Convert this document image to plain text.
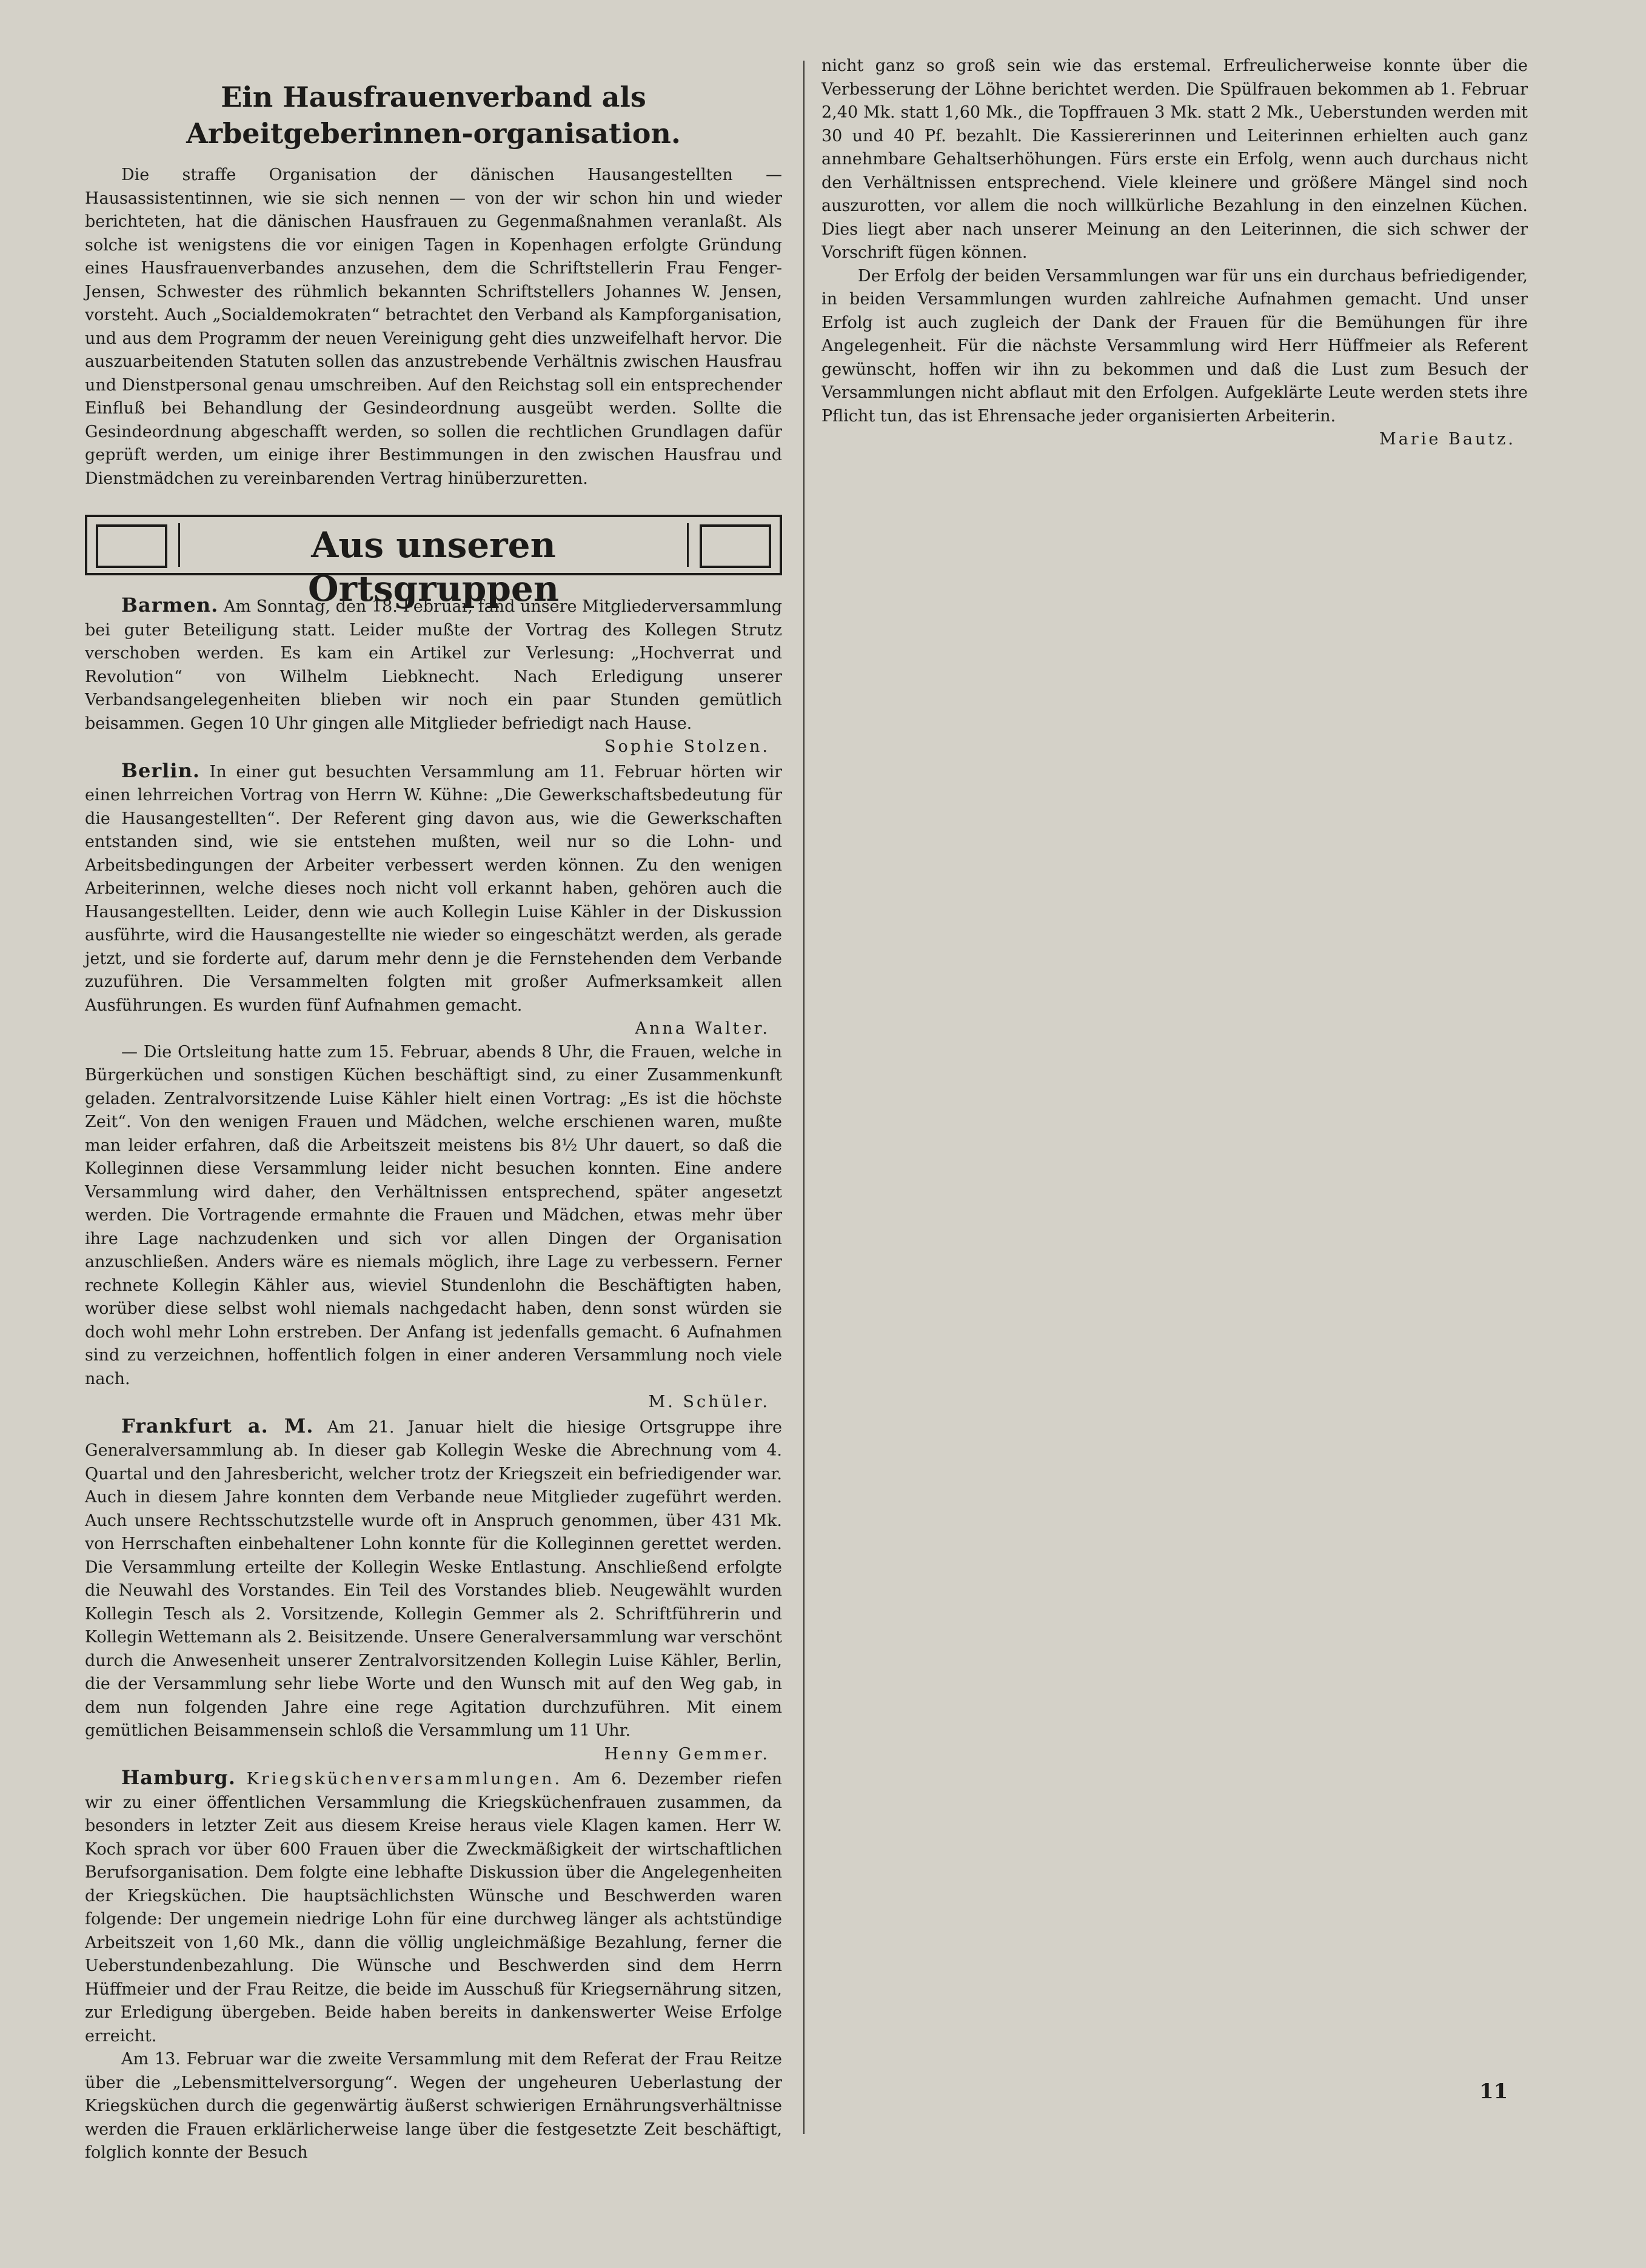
Ein Hausfrauenverband als Arbeitgeberinnen-organisation.

Die straffe Organisation der dänischen Hausangestellten — Hausassistentinnen, wie sie sich nennen — von der wir schon hin und wieder berichteten, hat die dänischen Hausfrauen zu Gegenmaßnahmen veranlaßt. Als solche ist wenigstens die vor einigen Tagen in Kopenhagen erfolgte Gründung eines Hausfrauenverbandes anzusehen, dem die Schriftstellerin Frau Fenger-Jensen, Schwester des rühmlich bekannten Schriftstellers Johannes W. Jensen, vorsteht. Auch „Socialdemokraten“ betrachtet den Verband als Kampforganisation, und aus dem Programm der neuen Vereinigung geht dies unzweifelhaft hervor. Die auszuarbeitenden Statuten sollen das anzustrebende Verhältnis zwischen Hausfrau und Dienstpersonal genau umschreiben. Auf den Reichstag soll ein entsprechender Einfluß bei Behandlung der Gesindeordnung ausgeübt werden. Sollte die Gesindeordnung abgeschafft werden, so sollen die rechtlichen Grundlagen dafür geprüft werden, um einige ihrer Bestimmungen in den zwischen Hausfrau und Dienstmädchen zu vereinbarenden Vertrag hinüberzuretten.

Aus unseren Ortsgruppen

Barmen. Am Sonntag, den 18. Februar, fand unsere Mitgliederversammlung bei guter Beteiligung statt. Leider mußte der Vortrag des Kollegen Strutz verschoben werden. Es kam ein Artikel zur Verlesung: „Hochverrat und Revolution“ von Wilhelm Liebknecht. Nach Erledigung unserer Verbandsangelegenheiten blieben wir noch ein paar Stunden gemütlich beisammen. Gegen 10 Uhr gingen alle Mitglieder befriedigt nach Hause.
Sophie Stolzen.

Berlin. In einer gut besuchten Versammlung am 11. Februar hörten wir einen lehrreichen Vortrag von Herrn W. Kühne: „Die Gewerkschaftsbedeutung für die Hausangestellten“. Der Referent ging davon aus, wie die Gewerkschaften entstanden sind, wie sie entstehen mußten, weil nur so die Lohn- und Arbeitsbedingungen der Arbeiter verbessert werden können. Zu den wenigen Arbeiterinnen, welche dieses noch nicht voll erkannt haben, gehören auch die Hausangestellten. Leider, denn wie auch Kollegin Luise Kähler in der Diskussion ausführte, wird die Hausangestellte nie wieder so eingeschätzt werden, als gerade jetzt, und sie forderte auf, darum mehr denn je die Fernstehenden dem Verbande zuzuführen. Die Versammelten folgten mit großer Aufmerksamkeit allen Ausführungen. Es wurden fünf Aufnahmen gemacht.
Anna Walter.

— Die Ortsleitung hatte zum 15. Februar, abends 8 Uhr, die Frauen, welche in Bürgerküchen und sonstigen Küchen beschäftigt sind, zu einer Zusammenkunft geladen. Zentralvorsitzende Luise Kähler hielt einen Vortrag: „Es ist die höchste Zeit“. Von den wenigen Frauen und Mädchen, welche erschienen waren, mußte man leider erfahren, daß die Arbeitszeit meistens bis 8½ Uhr dauert, so daß die Kolleginnen diese Versammlung leider nicht besuchen konnten. Eine andere Versammlung wird daher, den Verhältnissen entsprechend, später angesetzt werden. Die Vortragende ermahnte die Frauen und Mädchen, etwas mehr über ihre Lage nachzudenken und sich vor allen Dingen der Organisation anzuschließen. Anders wäre es niemals möglich, ihre Lage zu verbessern. Ferner rechnete Kollegin Kähler aus, wieviel Stundenlohn die Beschäftigten haben, worüber diese selbst wohl niemals nachgedacht haben, denn sonst würden sie doch wohl mehr Lohn erstreben. Der Anfang ist jedenfalls gemacht. 6 Aufnahmen sind zu verzeichnen, hoffentlich folgen in einer anderen Versammlung noch viele nach.
M. Schüler.

Frankfurt a. M. Am 21. Januar hielt die hiesige Ortsgruppe ihre Generalversammlung ab. In dieser gab Kollegin Weske die Abrechnung vom 4. Quartal und den Jahresbericht, welcher trotz der Kriegszeit ein befriedigender war. Auch in diesem Jahre konnten dem Verbande neue Mitglieder zugeführt werden. Auch unsere Rechtsschutzstelle wurde oft in Anspruch genommen, über 431 Mk. von Herrschaften einbehaltener Lohn konnte für die Kolleginnen gerettet werden. Die Versammlung erteilte der Kollegin Weske Entlastung. Anschließend erfolgte die Neuwahl des Vorstandes. Ein Teil des Vorstandes blieb. Neugewählt wurden Kollegin Tesch als 2. Vorsitzende, Kollegin Gemmer als 2. Schriftführerin und Kollegin Wettemann als 2. Beisitzende. Unsere Generalversammlung war verschönt durch die Anwesenheit unserer Zentralvorsitzenden Kollegin Luise Kähler, Berlin, die der Versammlung sehr liebe Worte und den Wunsch mit auf den Weg gab, in dem nun folgenden Jahre eine rege Agitation durchzuführen. Mit einem gemütlichen Beisammensein schloß die Versammlung um 11 Uhr.
Henny Gemmer.

Hamburg. Kriegsküchenversammlungen. Am 6. Dezember riefen wir zu einer öffentlichen Versammlung die Kriegsküchenfrauen zusammen, da besonders in letzter Zeit aus diesem Kreise heraus viele Klagen kamen. Herr W. Koch sprach vor über 600 Frauen über die Zweckmäßigkeit der wirtschaftlichen Berufsorganisation. Dem folgte eine lebhafte Diskussion über die Angelegenheiten der Kriegsküchen. Die hauptsächlichsten Wünsche und Beschwerden waren folgende: Der ungemein niedrige Lohn für eine durchweg länger als achtstündige Arbeitszeit von 1,60 Mk., dann die völlig ungleichmäßige Bezahlung, ferner die Ueberstundenbezahlung. Die Wünsche und Beschwerden sind dem Herrn Hüffmeier und der Frau Reitze, die beide im Ausschuß für Kriegsernährung sitzen, zur Erledigung übergeben. Beide haben bereits in dankenswerter Weise Erfolge erreicht.

Am 13. Februar war die zweite Versammlung mit dem Referat der Frau Reitze über die „Lebensmittelversorgung“. Wegen der ungeheuren Ueberlastung der Kriegsküchen durch die gegenwärtig äußerst schwierigen Ernährungsverhältnisse werden die Frauen erklärlicherweise lange über die festgesetzte Zeit beschäftigt, folglich konnte der Besuch

nicht ganz so groß sein wie das erstemal. Erfreulicherweise konnte über die Verbesserung der Löhne berichtet werden. Die Spülfrauen bekommen ab 1. Februar 2,40 Mk. statt 1,60 Mk., die Topffrauen 3 Mk. statt 2 Mk., Ueberstunden werden mit 30 und 40 Pf. bezahlt. Die Kassiererinnen und Leiterinnen erhielten auch ganz annehmbare Gehaltserhöhungen. Fürs erste ein Erfolg, wenn auch durchaus nicht den Verhältnissen entsprechend. Viele kleinere und größere Mängel sind noch auszurotten, vor allem die noch willkürliche Bezahlung in den einzelnen Küchen. Dies liegt aber nach unserer Meinung an den Leiterinnen, die sich schwer der Vorschrift fügen können.

Der Erfolg der beiden Versammlungen war für uns ein durchaus befriedigender, in beiden Versammlungen wurden zahlreiche Aufnahmen gemacht. Und unser Erfolg ist auch zugleich der Dank der Frauen für die Bemühungen für ihre Angelegenheit. Für die nächste Versammlung wird Herr Hüffmeier als Referent gewünscht, hoffen wir ihn zu bekommen und daß die Lust zum Besuch der Versammlungen nicht abflaut mit den Erfolgen. Aufgeklärte Leute werden stets ihre Pflicht tun, das ist Ehrensache jeder organisierten Arbeiterin.
Marie Bautz.

11
